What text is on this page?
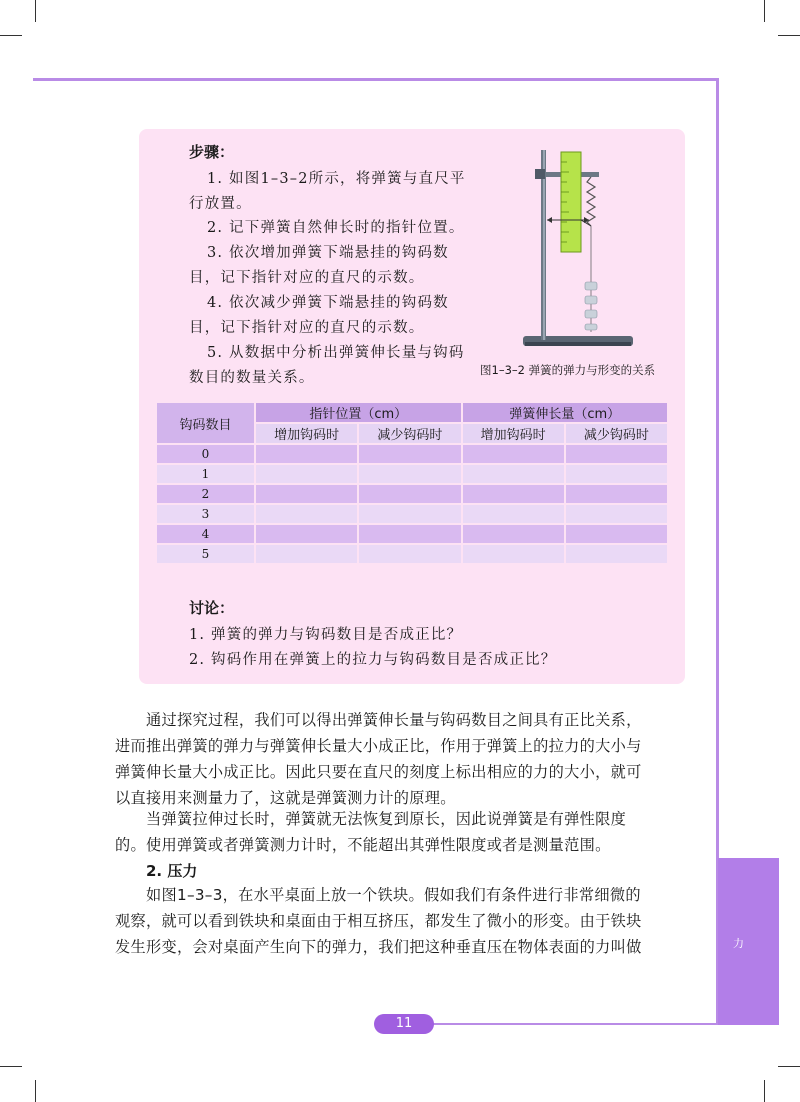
步骤：
1. 如图1–3–2所示，将弹簧与直尺平
行放置。
2. 记下弹簧自然伸长时的指针位置。
3. 依次增加弹簧下端悬挂的钩码数
目，记下指针对应的直尺的示数。
4. 依次减少弹簧下端悬挂的钩码数
目，记下指针对应的直尺的示数。
5. 从数据中分析出弹簧伸长量与钩码
数目的数量关系。	图1–3–2 弹簧的弹力与形变的关系
钩码数目	指针位置（cm）		弹簧伸长量（cm）	
	增加钩码时	减少钩码时	增加钩码时	减少钩码时
0				
1				
2				
3				
4				
5				
讨论：
1. 弹簧的弹力与钩码数目是否成正比？
2. 钩码作用在弹簧上的拉力与钩码数目是否成正比？
通过探究过程，我们可以得出弹簧伸长量与钩码数目之间具有正比关系，
进而推出弹簧的弹力与弹簧伸长量大小成正比，作用于弹簧上的拉力的大小与
弹簧伸长量大小成正比。因此只要在直尺的刻度上标出相应的力的大小，就可
以直接用来测量力了，这就是弹簧测力计的原理。
当弹簧拉伸过长时，弹簧就无法恢复到原长，因此说弹簧是有弹性限度
的。使用弹簧或者弹簧测力计时，不能超出其弹性限度或者是测量范围。
2. 压力
如图1–3–3，在水平桌面上放一个铁块。假如我们有条件进行非常细微的
观察，就可以看到铁块和桌面由于相互挤压，都发生了微小的形变。由于铁块
发生形变，会对桌面产生向下的弹力，我们把这种垂直压在物体表面的力叫做	力
11
